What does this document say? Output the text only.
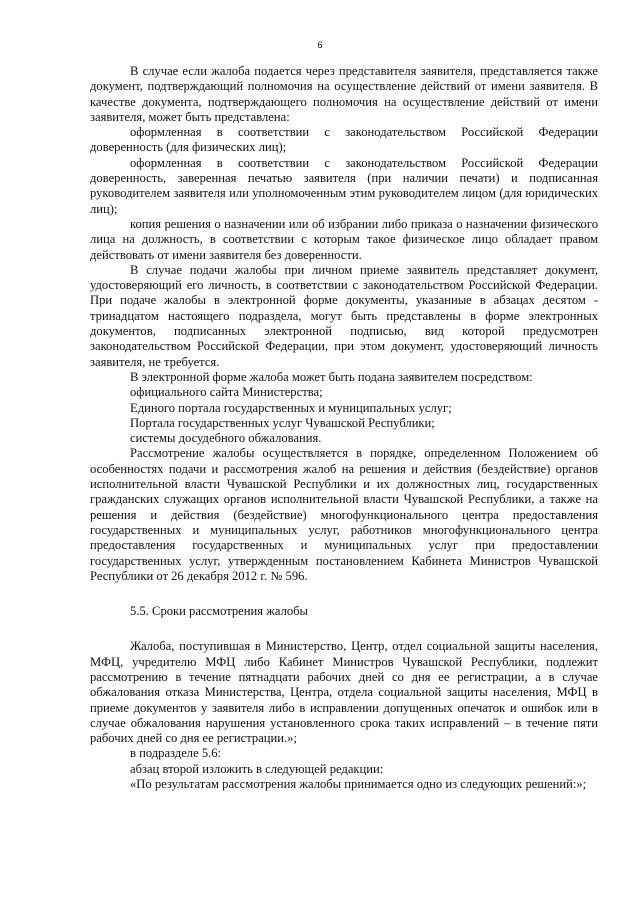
6

В случае если жалоба подается через представителя заявителя, представляется также документ, подтверждающий полномочия на осуществление действий от имени заявителя. В качестве документа, подтверждающего полномочия на осуществление действий от имени заявителя, может быть представлена:

оформленная в соответствии с законодательством Российской Федерации доверенность (для физических лиц);

оформленная в соответствии с законодательством Российской Федерации доверенность, заверенная печатью заявителя (при наличии печати) и подписанная руководителем заявителя или уполномоченным этим руководителем лицом (для юридических лиц);

копия решения о назначении или об избрании либо приказа о назначении физического лица на должность, в соответствии с которым такое физическое лицо обладает правом действовать от имени заявителя без доверенности.

В случае подачи жалобы при личном приеме заявитель представляет документ, удостоверяющий его личность, в соответствии с законодательством Российской Федерации. При подаче жалобы в электронной форме документы, указанные в абзацах десятом - тринадцатом настоящего подраздела, могут быть представлены в форме электронных документов, подписанных электронной подписью, вид которой предусмотрен законодательством Российской Федерации, при этом документ, удостоверяющий личность заявителя, не требуется.

В электронной форме жалоба может быть подана заявителем посредством:

официального сайта Министерства;

Единого портала государственных и муниципальных услуг;

Портала государственных услуг Чувашской Республики;

системы досудебного обжалования.

Рассмотрение жалобы осуществляется в порядке, определенном Положением об особенностях подачи и рассмотрения жалоб на решения и действия (бездействие) органов исполнительной власти Чувашской Республики и их должностных лиц, государственных гражданских служащих органов исполнительной власти Чувашской Республики, а также на решения и действия (бездействие) многофункционального центра предоставления государственных и муниципальных услуг, работников многофункционального центра предоставления государственных и муниципальных услуг при предоставлении государственных услуг, утвержденным постановлением Кабинета Министров Чувашской Республики от 26 декабря 2012 г. № 596.

5.5. Сроки рассмотрения жалобы

Жалоба, поступившая в Министерство, Центр, отдел социальной защиты населения, МФЦ, учредителю МФЦ либо Кабинет Министров Чувашской Республики, подлежит рассмотрению в течение пятнадцати рабочих дней со дня ее регистрации, а в случае обжалования отказа Министерства, Центра, отдела социальной защиты населения, МФЦ в приеме документов у заявителя либо в исправлении допущенных опечаток и ошибок или в случае обжалования нарушения установленного срока таких исправлений – в течение пяти рабочих дней со дня ее регистрации.»;

в подразделе 5.6:

абзац второй изложить в следующей редакции:

«По результатам рассмотрения жалобы принимается одно из следующих решений:»;
